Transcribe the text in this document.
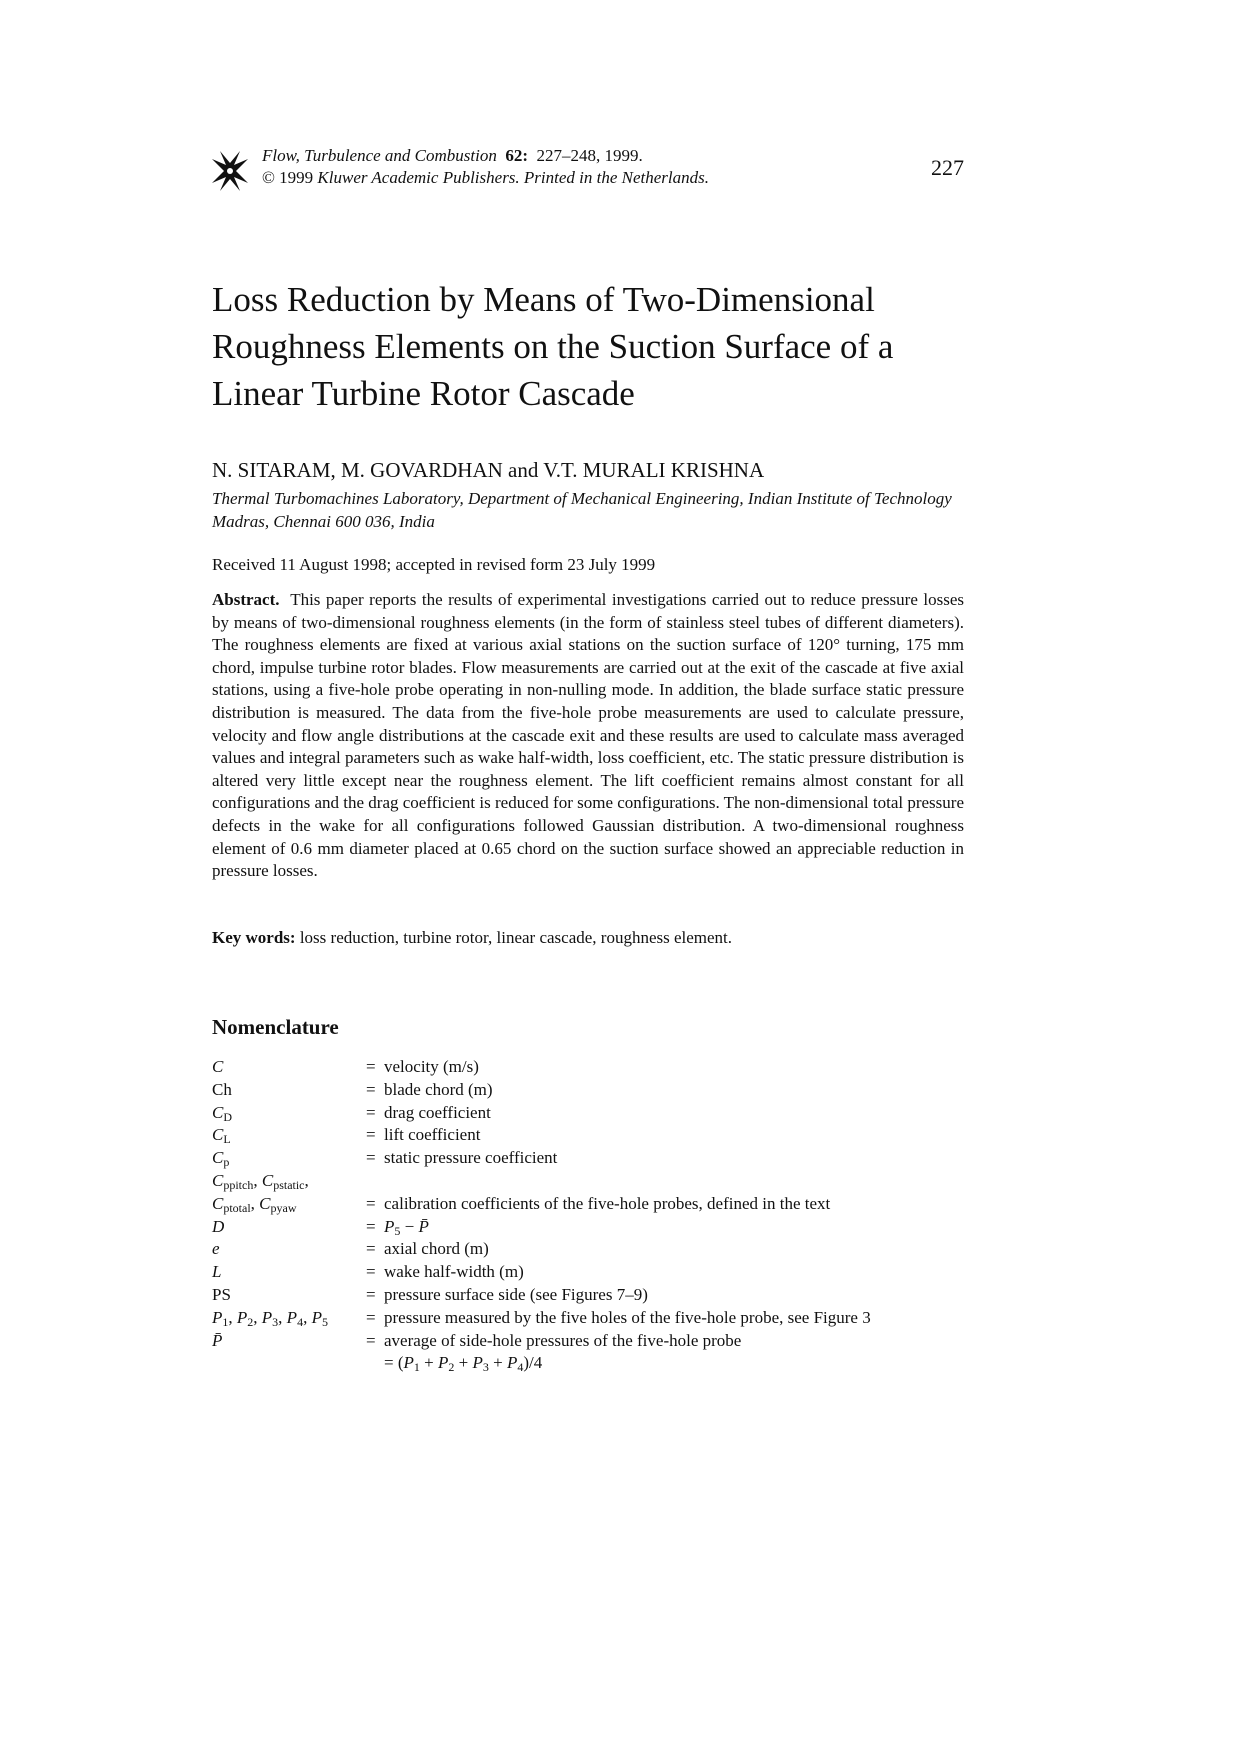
Flow, Turbulence and Combustion 62: 227–248, 1999.
© 1999 Kluwer Academic Publishers. Printed in the Netherlands.	227
Loss Reduction by Means of Two-Dimensional Roughness Elements on the Suction Surface of a Linear Turbine Rotor Cascade
N. SITARAM, M. GOVARDHAN and V.T. MURALI KRISHNA
Thermal Turbomachines Laboratory, Department of Mechanical Engineering, Indian Institute of Technology Madras, Chennai 600 036, India
Received 11 August 1998; accepted in revised form 23 July 1999

Abstract. This paper reports the results of experimental investigations carried out to reduce pressure losses by means of two-dimensional roughness elements (in the form of stainless steel tubes of different diameters). The roughness elements are fixed at various axial stations on the suction surface of 120° turning, 175 mm chord, impulse turbine rotor blades. Flow measurements are carried out at the exit of the cascade at five axial stations, using a five-hole probe operating in non-nulling mode. In addition, the blade surface static pressure distribution is measured. The data from the five-hole probe measurements are used to calculate pressure, velocity and flow angle distributions at the cascade exit and these results are used to calculate mass averaged values and integral parameters such as wake half-width, loss coefficient, etc. The static pressure distribution is altered very little except near the roughness element. The lift coefficient remains almost constant for all configurations and the drag coefficient is reduced for some configurations. The non-dimensional total pressure defects in the wake for all configurations followed Gaussian distribution. A two-dimensional roughness element of 0.6 mm diameter placed at 0.65 chord on the suction surface showed an appreciable reduction in pressure losses.

Key words: loss reduction, turbine rotor, linear cascade, roughness element.
Nomenclature
C	= velocity (m/s)
Ch	= blade chord (m)
$C_D$	= drag coefficient
$C_L$	= lift coefficient
$C_p$	= static pressure coefficient
$C_{ppitch}$, $C_{pstatic}$,
$C_{ptotal}$, $C_{pyaw}$	= calibration coefficients of the five-hole probes, defined in the text
D	= $P_5$ − P̄
e	= axial chord (m)
L	= wake half-width (m)
PS	= pressure surface side (see Figures 7–9)
$P_1$, $P_2$, $P_3$, $P_4$, $P_5$ = pressure measured by the five holes of the five-hole probe, see Figure 3
P̄	= average of side-hole pressures of the five-hole probe
= $(P_1 + P_2 + P_3 + P_4)/4$
